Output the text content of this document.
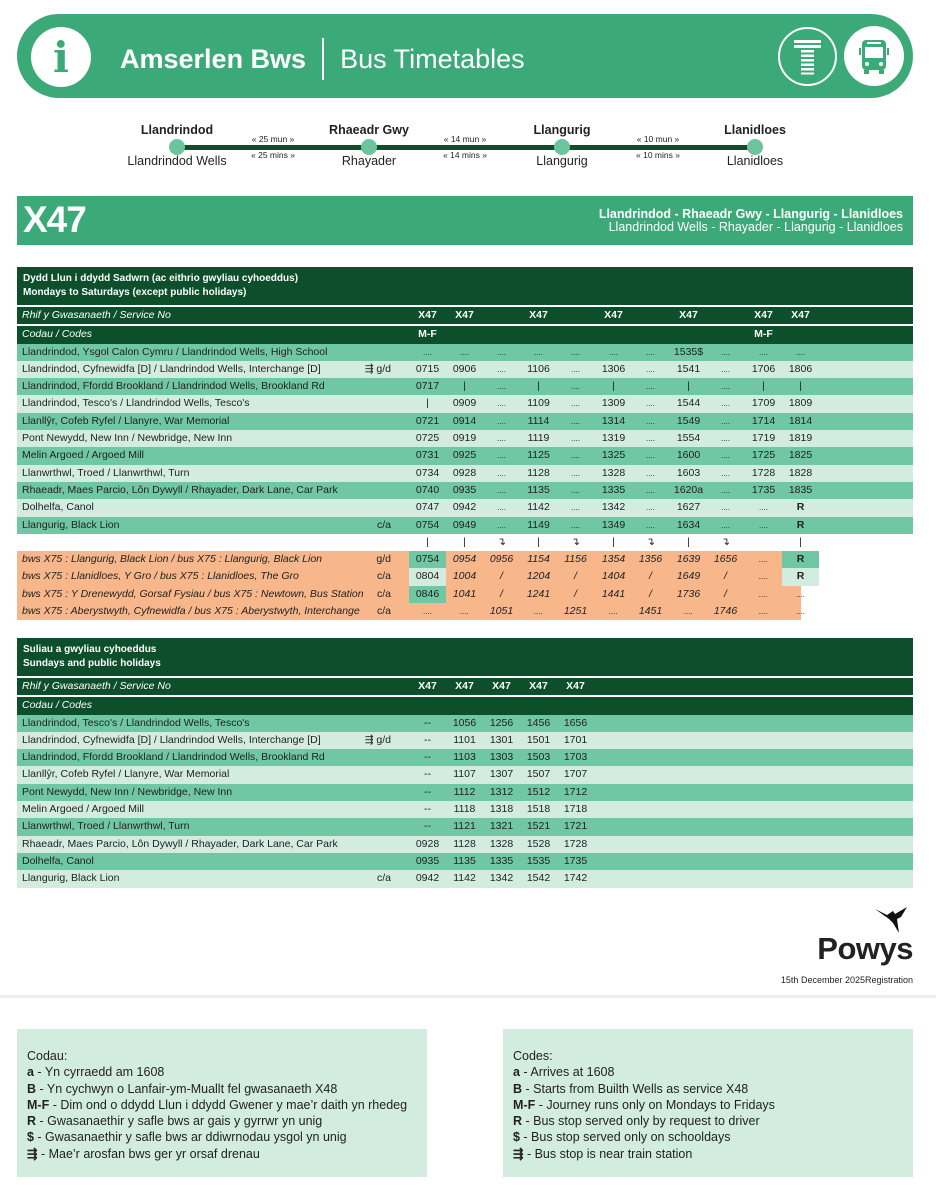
i	Amserlen Bws Bus Timetables
Llandrindod	Rhaeadr Gwy	Llangurig	Llanidloes
Llandrindod Wells	Rhayader	Llangurig	Llanidloes
« 25 mun »
« 25 mins »
« 14 mun »
« 14 mins »
« 10 mun »
« 10 mins »
X47	Llandrindod - Rhaeadr Gwy - Llangurig - Llanidloes
Llandrindod Wells - Rhayader - Llangurig - Llanidloes
Dydd Llun i ddydd Sadwrn (ac eithrio gwyliau cyhoeddus)
Mondays to Saturdays (except public holidays)
Rhif y Gwasanaeth / Service No	X47	X47	X47	X47	X47	X47	X47
Codau / Codes	M-F	M-F
Llandrindod, Ysgol Calon Cymru / Llandrindod Wells, High School	....	....	....	....	....	....	....	1535$	....	....	....
Llandrindod, Cyfnewidfa [D] / Llandrindod Wells, Interchange [D]	⇶ g/d	0715	0906	....	1106	....	1306	....	1541	....	1706	1806
Llandrindod, Ffordd Brookland / Llandrindod Wells, Brookland Rd	0717	|	....	|	....	|	....	|	....	|	|
Llandrindod, Tesco's / Llandrindod Wells, Tesco's	|	0909	....	1109	....	1309	....	1544	....	1709	1809
Llanllŷr, Cofeb Ryfel / Llanyre, War Memorial	0721	0914	....	1114	....	1314	....	1549	....	1714	1814
Pont Newydd, New Inn / Newbridge, New Inn	0725	0919	....	1119	....	1319	....	1554	....	1719	1819
Melin Argoed / Argoed Mill	0731	0925	....	1125	....	1325	....	1600	....	1725	1825
Llanwrthwl, Troed / Llanwrthwl, Turn	0734	0928	....	1128	....	1328	....	1603	....	1728	1828
Rhaeadr, Maes Parcio, Lôn Dywyll / Rhayader, Dark Lane, Car Park	0740	0935	....	1135	....	1335	....	1620a	....	1735	1835
Dolhelfa, Canol	0747	0942	....	1142	....	1342	....	1627	....	....	R
Llangurig, Black Lion	c/a	0754	0949	....	1149	....	1349	....	1634	....	....	R
|	|	↴	|	↴	|	↴	|	↴	|
bws X75 : Llangurig, Black Lion / bus X75 : Llangurig, Black Lion	g/d	0754	0954	0956	1154	1156	1354	1356	1639	1656	....	R
bws X75 : Llanidloes, Y Gro / bus X75 : Llanidloes, The Gro	c/a	0804	1004	/	1204	/	1404	/	1649	/	....	R
bws X75 : Y Drenewydd, Gorsaf Fysiau / bus X75 : Newtown, Bus Station	c/a	0846	1041	/	1241	/	1441	/	1736	/	....	....
bws X75 : Aberystwyth, Cyfnewidfa / bus X75 : Aberystwyth, Interchange	c/a	....	....	1051	....	1251	....	1451	....	1746	....	....
Suliau a gwyliau cyhoeddus
Sundays and public holidays
Rhif y Gwasanaeth / Service No	X47	X47	X47	X47	X47
Codau / Codes
Llandrindod, Tesco's / Llandrindod Wells, Tesco's	--	1056	1256	1456	1656
Llandrindod, Cyfnewidfa [D] / Llandrindod Wells, Interchange [D]	⇶ g/d	--	1101	1301	1501	1701
Llandrindod, Ffordd Brookland / Llandrindod Wells, Brookland Rd	--	1103	1303	1503	1703
Llanllŷr, Cofeb Ryfel / Llanyre, War Memorial	--	1107	1307	1507	1707
Pont Newydd, New Inn / Newbridge, New Inn	--	1112	1312	1512	1712
Melin Argoed / Argoed Mill	--	1118	1318	1518	1718
Llanwrthwl, Troed / Llanwrthwl, Turn	--	1121	1321	1521	1721
Rhaeadr, Maes Parcio, Lôn Dywyll / Rhayader, Dark Lane, Car Park	0928	1128	1328	1528	1728
Dolhelfa, Canol	0935	1135	1335	1535	1735
Llangurig, Black Lion	c/a	0942	1142	1342	1542	1742
Powys
15th December 2025Registration
Codau:
a - Yn cyrraedd am 1608
B - Yn cychwyn o Lanfair-ym-Muallt fel gwasanaeth X48
M-F - Dim ond o ddydd Llun i ddydd Gwener y mae’r daith yn rhedeg
R - Gwasanaethir y safle bws ar gais y gyrrwr yn unig
$ - Gwasanaethir y safle bws ar ddiwrnodau ysgol yn unig
⇶ - Mae’r arosfan bws ger yr orsaf drenau
Codes:
a - Arrives at 1608
B - Starts from Builth Wells as service X48
M-F - Journey runs only on Mondays to Fridays
R - Bus stop served only by request to driver
$ - Bus stop served only on schooldays
⇶ - Bus stop is near train station
